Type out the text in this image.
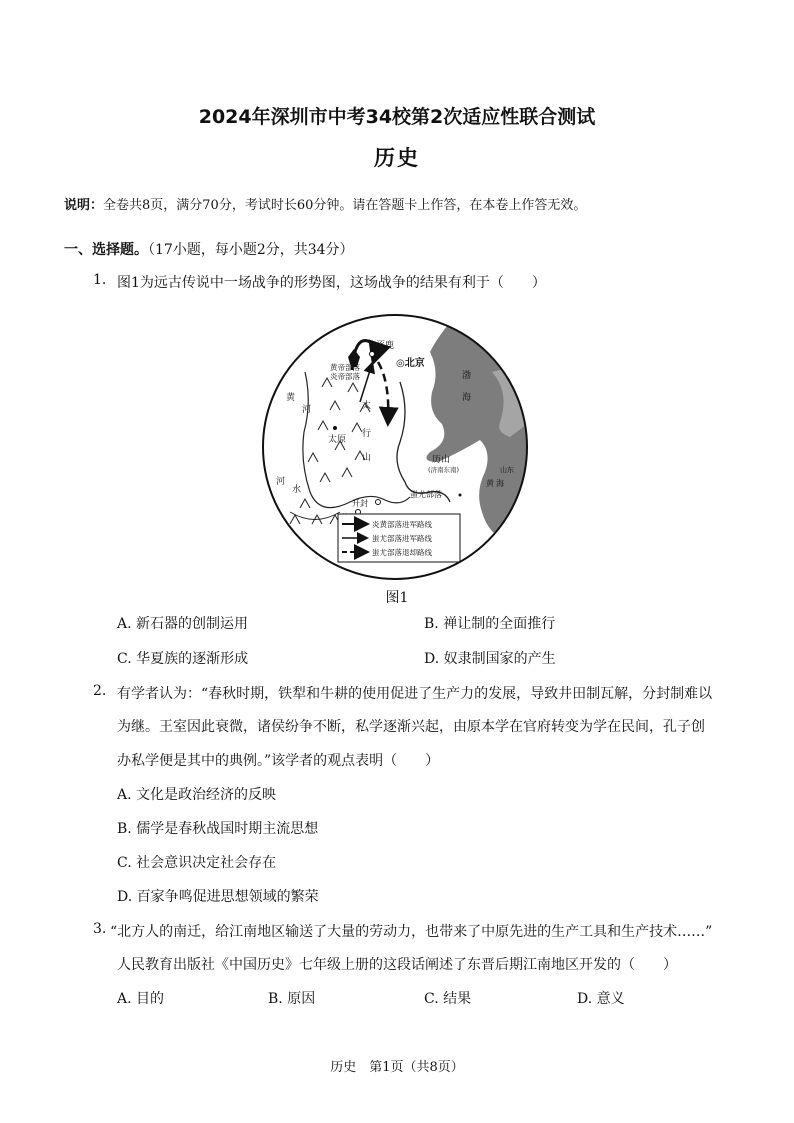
2024年深圳市中考34校第2次适应性联合测试
历史
说明：全卷共8页，满分70分，考试时长60分钟。请在答题卡上作答，在本卷上作答无效。
一、选择题。（17小题，每小题2分，共34分）
1. 图1为远古传说中一场战争的形势图，这场战争的结果有利于（　　）
涿鹿
◎北京
黄帝部落
炎帝部落	渤
海
黄
河	太
行
山
太原
河
水
开封
历山
(济南东南)
蚩尤部落
黄 海
山东
炎黄部落进军路线
蚩尤部落进军路线
蚩尤部落退却路线
图1
A. 新石器的创制运用	B. 禅让制的全面推行
C. 华夏族的逐渐形成	D. 奴隶制国家的产生
2. 有学者认为：“春秋时期，铁犁和牛耕的使用促进了生产力的发展，导致井田制瓦解，分封制难以
为继。王室因此衰微，诸侯纷争不断，私学逐渐兴起，由原本学在官府转变为学在民间，孔子创
办私学便是其中的典例。”该学者的观点表明（　　）
A. 文化是政治经济的反映
B. 儒学是春秋战国时期主流思想
C. 社会意识决定社会存在
D. 百家争鸣促进思想领域的繁荣
3. “北方人的南迁，给江南地区输送了大量的劳动力，也带来了中原先进的生产工具和生产技术……”
人民教育出版社《中国历史》七年级上册的这段话阐述了东晋后期江南地区开发的（　　）
A. 目的	B. 原因	C. 结果	D. 意义
历史　第1页（共8页）
